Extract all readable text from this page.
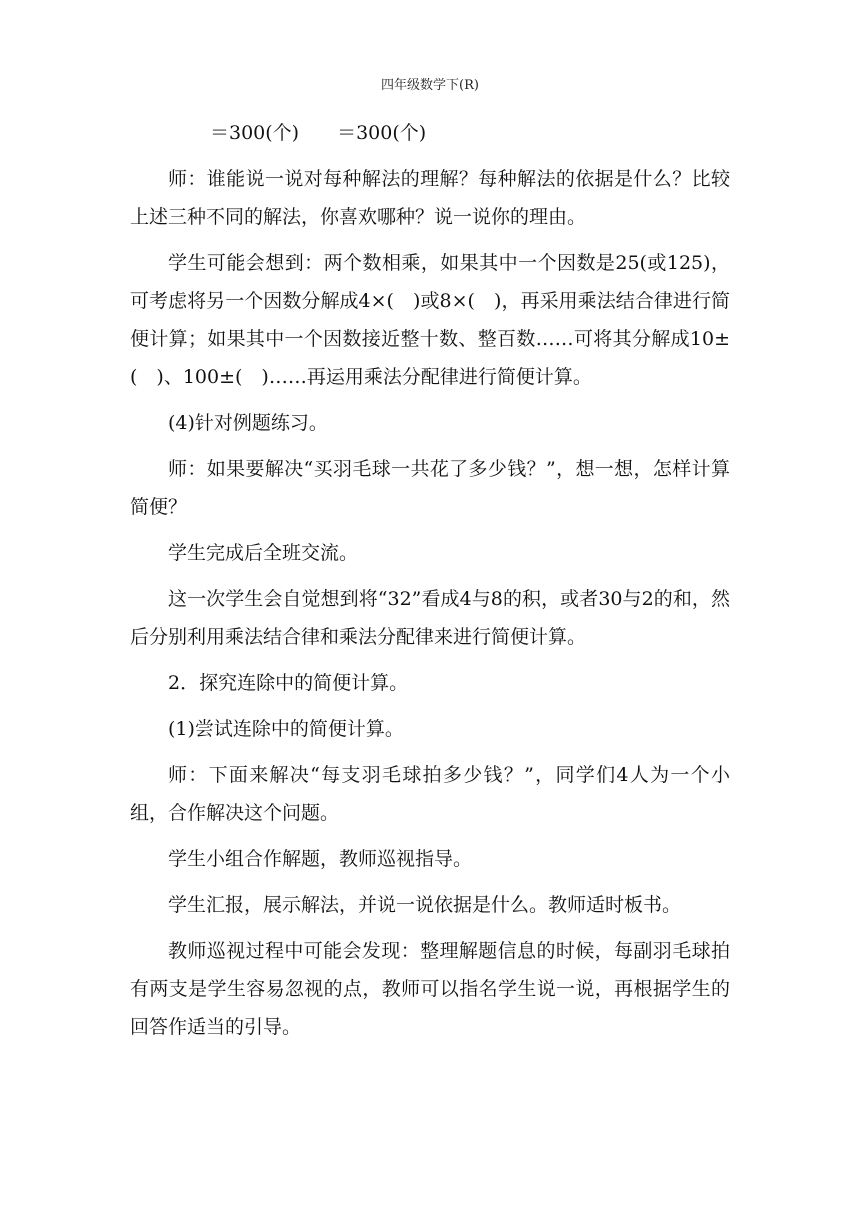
四年级数学下(R)

＝300(个)　　＝300(个)

师：谁能说一说对每种解法的理解？每种解法的依据是什么？比较上述三种不同的解法，你喜欢哪种？说一说你的理由。

学生可能会想到：两个数相乘，如果其中一个因数是25(或125)，可考虑将另一个因数分解成4×(　)或8×(　)，再采用乘法结合律进行简便计算；如果其中一个因数接近整十数、整百数……可将其分解成10±(　)、100±(　)……再运用乘法分配律进行简便计算。

(4)针对例题练习。

师：如果要解决“买羽毛球一共花了多少钱？”，想一想，怎样计算简便？

学生完成后全班交流。

这一次学生会自觉想到将“32”看成4与8的积，或者30与2的和，然后分别利用乘法结合律和乘法分配律来进行简便计算。

2．探究连除中的简便计算。

(1)尝试连除中的简便计算。

师：下面来解决“每支羽毛球拍多少钱？”，同学们4人为一个小组，合作解决这个问题。

学生小组合作解题，教师巡视指导。

学生汇报，展示解法，并说一说依据是什么。教师适时板书。

教师巡视过程中可能会发现：整理解题信息的时候，每副羽毛球拍有两支是学生容易忽视的点，教师可以指名学生说一说，再根据学生的回答作适当的引导。
